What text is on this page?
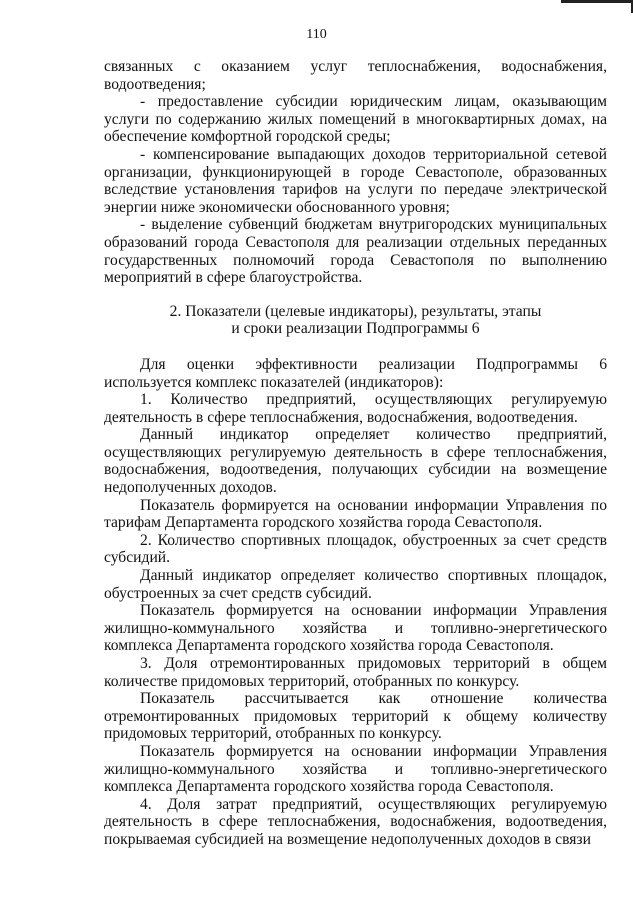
110

связанных с оказанием услуг теплоснабжения, водоснабжения, водоотведения;

- предоставление субсидии юридическим лицам, оказывающим услуги по содержанию жилых помещений в многоквартирных домах, на обеспечение комфортной городской среды;

- компенсирование выпадающих доходов территориальной сетевой организации, функционирующей в городе Севастополе, образованных вследствие установления тарифов на услуги по передаче электрической энергии ниже экономически обоснованного уровня;

- выделение субвенций бюджетам внутригородских муниципальных образований города Севастополя для реализации отдельных переданных государственных полномочий города Севастополя по выполнению мероприятий в сфере благоустройства.

2. Показатели (целевые индикаторы), результаты, этапы
и сроки реализации Подпрограммы 6

Для оценки эффективности реализации Подпрограммы 6 используется комплекс показателей (индикаторов):

1. Количество предприятий, осуществляющих регулируемую деятельность в сфере теплоснабжения, водоснабжения, водоотведения.

Данный индикатор определяет количество предприятий, осуществляющих регулируемую деятельность в сфере теплоснабжения, водоснабжения, водоотведения, получающих субсидии на возмещение недополученных доходов.

Показатель формируется на основании информации Управления по тарифам Департамента городского хозяйства города Севастополя.

2. Количество спортивных площадок, обустроенных за счет средств субсидий.

Данный индикатор определяет количество спортивных площадок, обустроенных за счет средств субсидий.

Показатель формируется на основании информации Управления жилищно-коммунального хозяйства и топливно-энергетического комплекса Департамента городского хозяйства города Севастополя.

3. Доля отремонтированных придомовых территорий в общем количестве придомовых территорий, отобранных по конкурсу.

Показатель рассчитывается как отношение количества отремонтированных придомовых территорий к общему количеству придомовых территорий, отобранных по конкурсу.

Показатель формируется на основании информации Управления жилищно-коммунального хозяйства и топливно-энергетического комплекса Департамента городского хозяйства города Севастополя.

4. Доля затрат предприятий, осуществляющих регулируемую деятельность в сфере теплоснабжения, водоснабжения, водоотведения, покрываемая субсидией на возмещение недополученных доходов в связи
